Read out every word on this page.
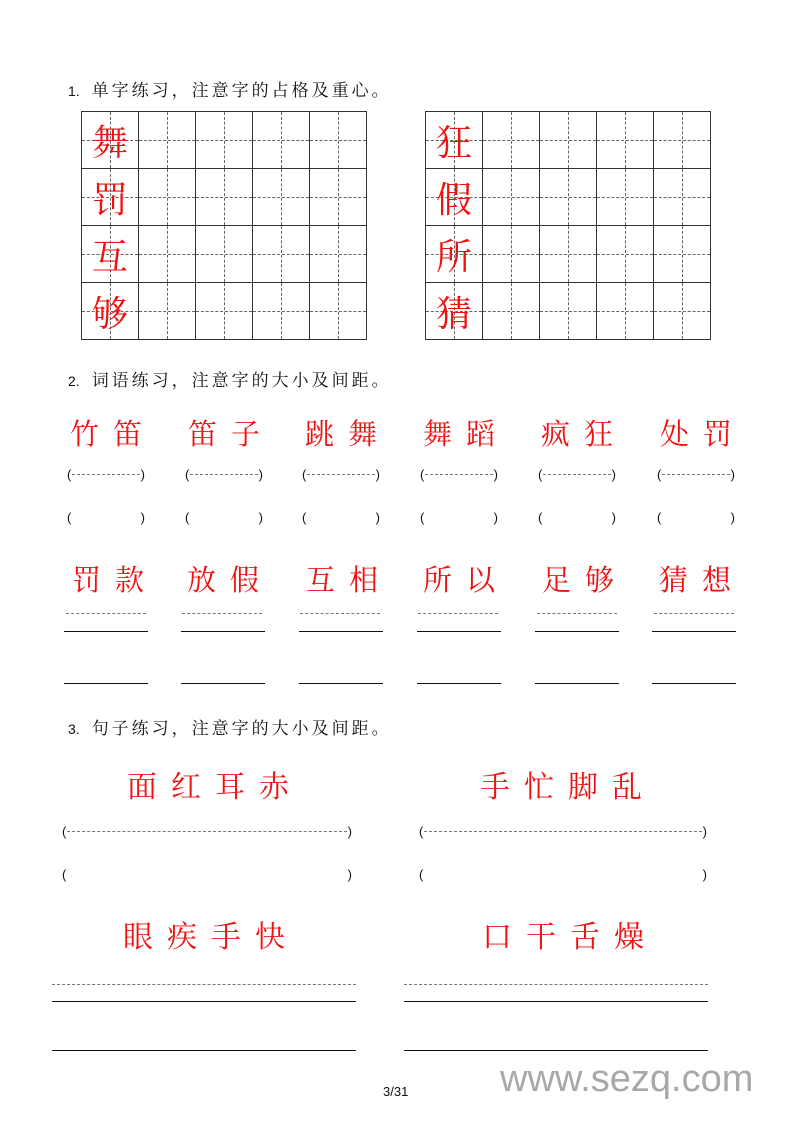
1. 单字练习，注意字的占格及重心。
舞				

罚				

互				

够				

狂				

假				

所				

猜				

2. 词语练习，注意字的大小及间距。
竹笛 笛子 跳舞 舞蹈 疯狂 处罚
(	)	(	)	(	)	(	)	(	)	(	)
(	)	(	)	(	)	(	)	(	)	(	)
罚款 放假 互相 所以 足够 猜想
3. 句子练习，注意字的大小及间距。
面红耳赤	手忙脚乱
(	)	(	)
(	)	(	)
眼疾手快	口干舌燥
www.sezq.com
3/31
